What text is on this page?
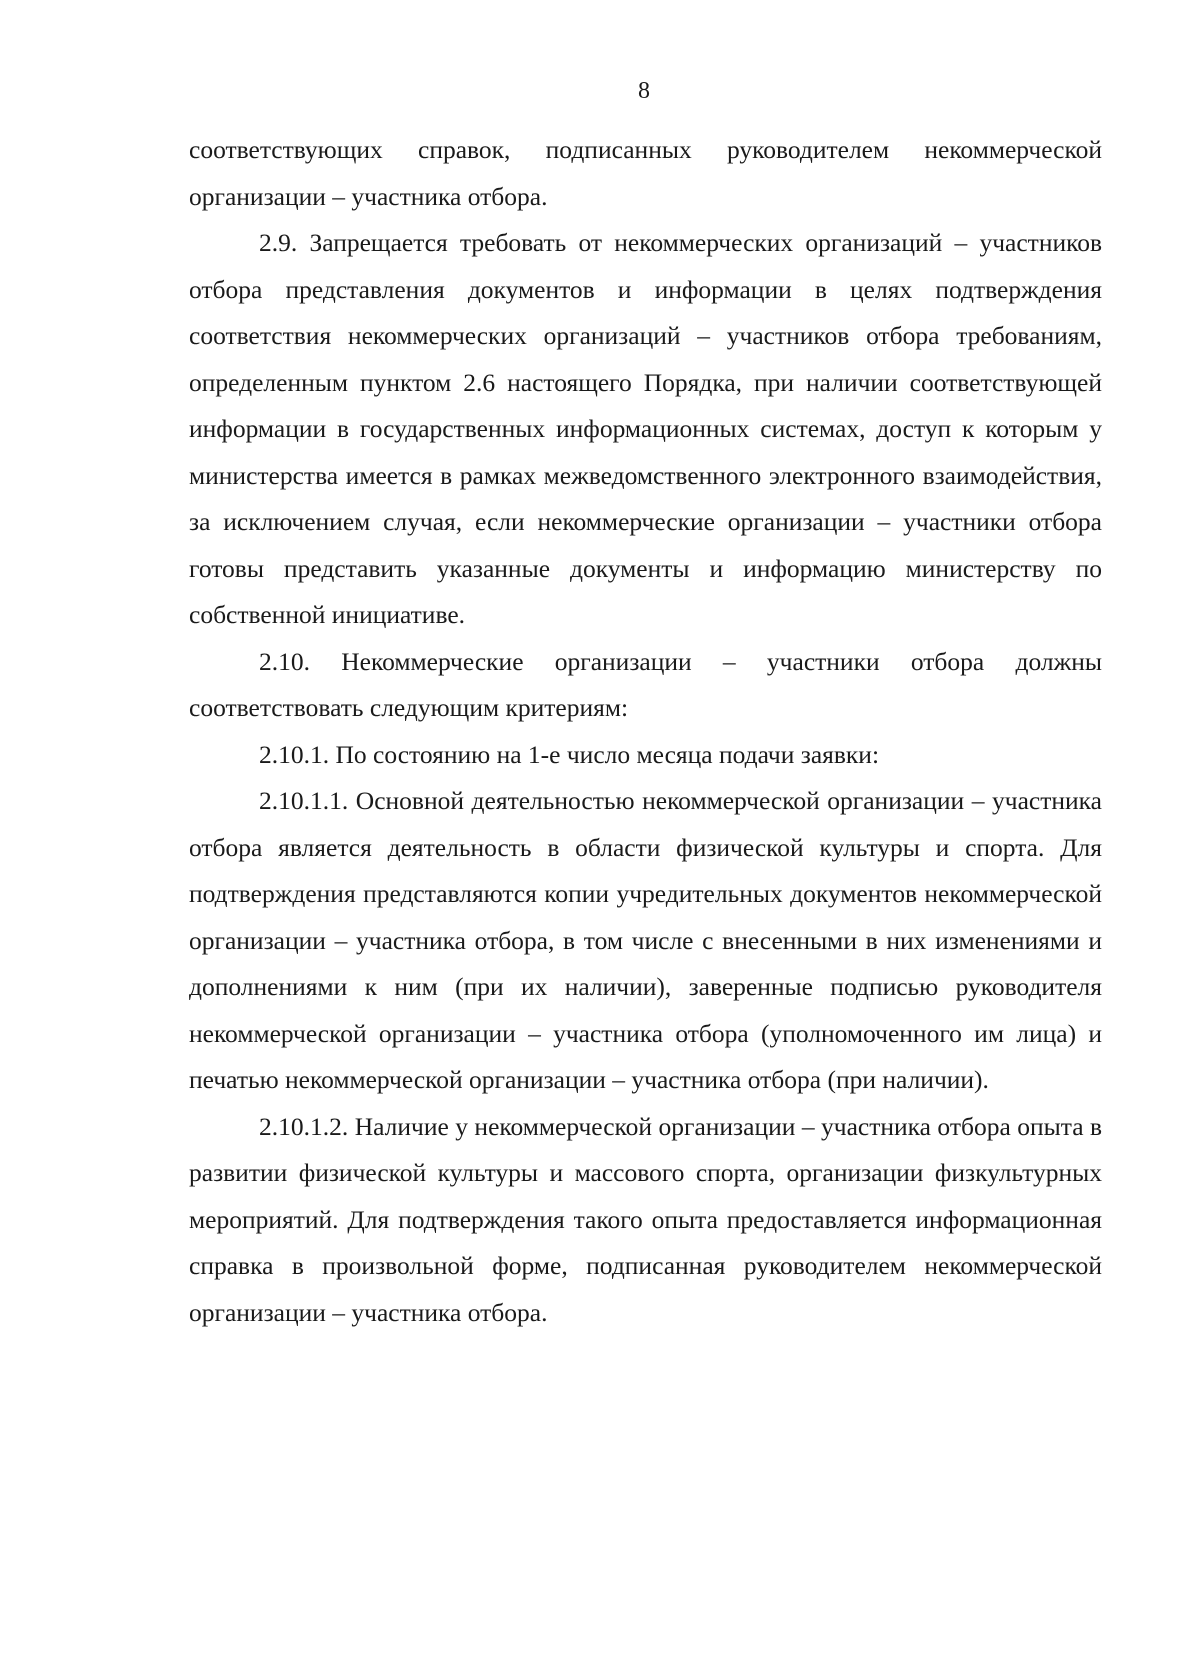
8

соответствующих справок, подписанных руководителем некоммерческой организации – участника отбора.

2.9. Запрещается требовать от некоммерческих организаций – участников отбора представления документов и информации в целях подтверждения соответствия некоммерческих организаций – участников отбора требованиям, определенным пунктом 2.6 настоящего Порядка, при наличии соответствующей информации в государственных информационных системах, доступ к которым у министерства имеется в рамках межведомственного электронного взаимодействия, за исключением случая, если некоммерческие организации – участники отбора готовы представить указанные документы и информацию министерству по собственной инициативе.

2.10. Некоммерческие организации – участники отбора должны соответствовать следующим критериям:

2.10.1. По состоянию на 1-е число месяца подачи заявки:

2.10.1.1. Основной деятельностью некоммерческой организации – участника отбора является деятельность в области физической культуры и спорта. Для подтверждения представляются копии учредительных документов некоммерческой организации – участника отбора, в том числе с внесенными в них изменениями и дополнениями к ним (при их наличии), заверенные подписью руководителя некоммерческой организации – участника отбора (уполномоченного им лица) и печатью некоммерческой организации – участника отбора (при наличии).

2.10.1.2. Наличие у некоммерческой организации – участника отбора опыта в развитии физической культуры и массового спорта, организации физкультурных мероприятий. Для подтверждения такого опыта предоставляется информационная справка в произвольной форме, подписанная руководителем некоммерческой организации – участника отбора.
